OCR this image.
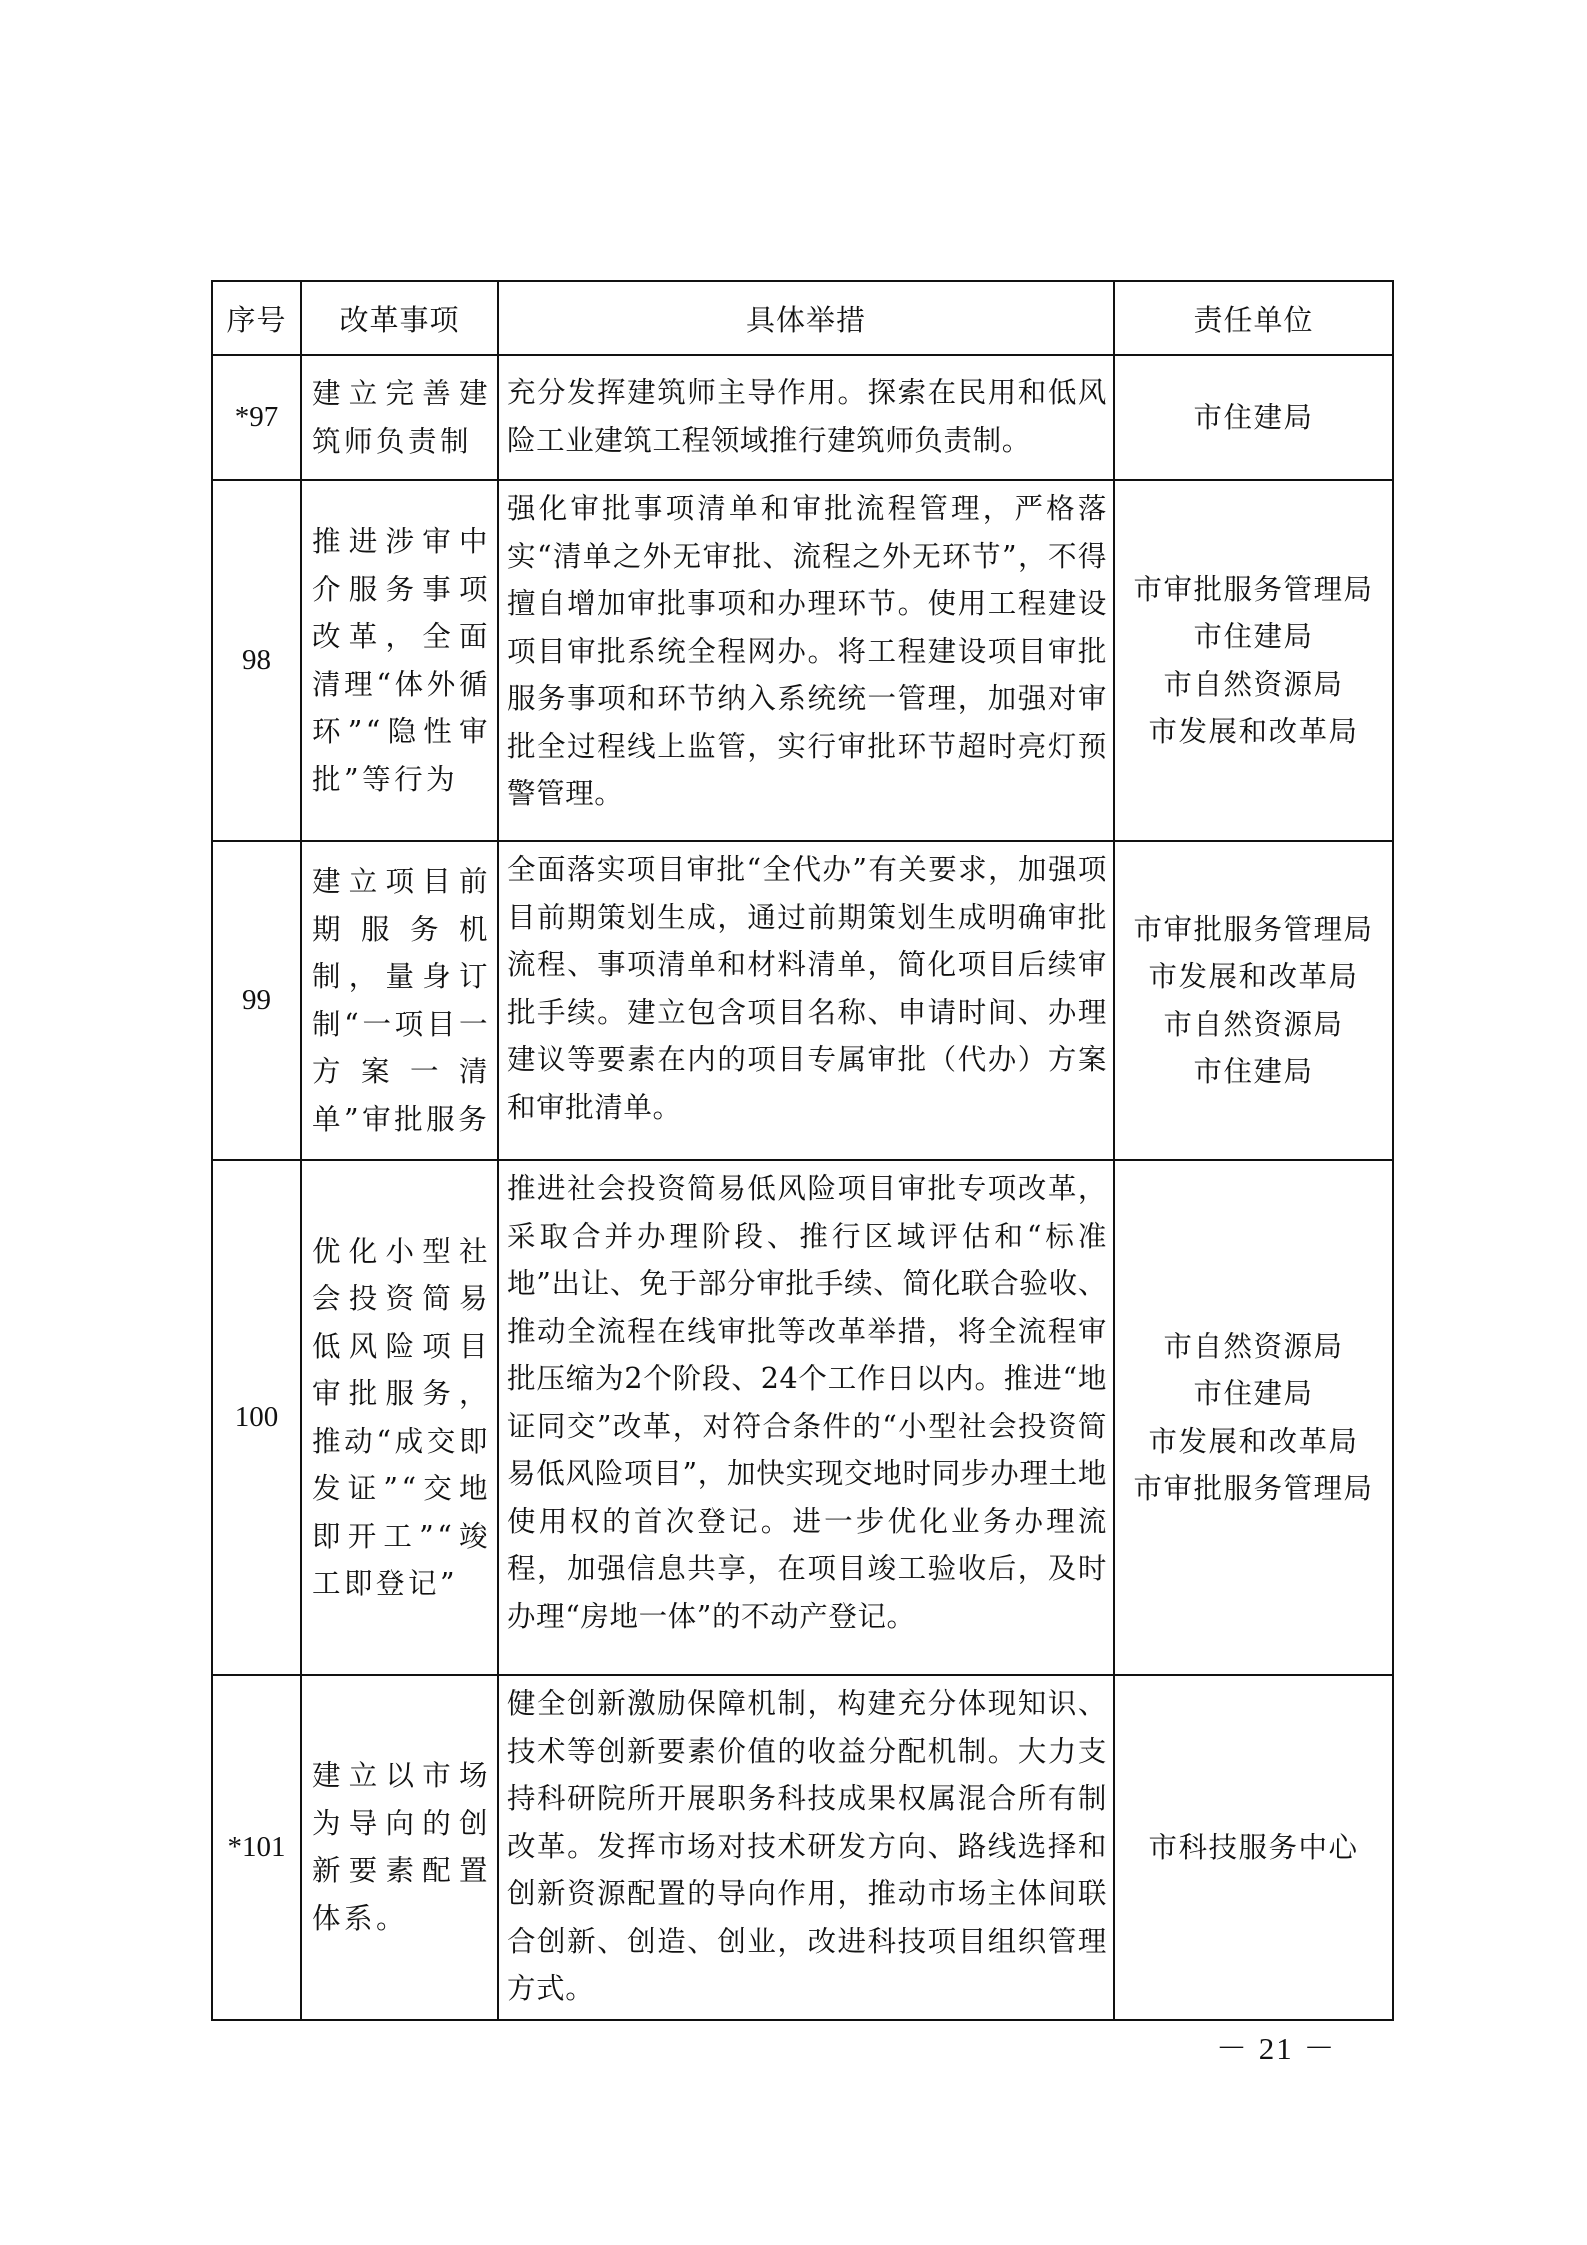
序号	改革事项	具体举措	责任单位
*97	建立完善建筑师负责制	充分发挥建筑师主导作用。探索在民用和低风险工业建筑工程领域推行建筑师负责制。	市住建局

98	推进涉审中介服务事项改革，全面清理“体外循环”“隐性审批”等行为	强化审批事项清单和审批流程管理，严格落实“清单之外无审批、流程之外无环节”，不得擅自增加审批事项和办理环节。使用工程建设项目审批系统全程网办。将工程建设项目审批服务事项和环节纳入系统统一管理，加强对审批全过程线上监管，实行审批环节超时亮灯预警管理。	市审批服务管理局
市住建局
市自然资源局
市发展和改革局

99	建立项目前期服务机制，量身订制“一项目一方案一清单”审批服务	全面落实项目审批“全代办”有关要求，加强项目前期策划生成，通过前期策划生成明确审批流程、事项清单和材料清单，简化项目后续审批手续。建立包含项目名称、申请时间、办理建议等要素在内的项目专属审批（代办）方案和审批清单。	市审批服务管理局
市发展和改革局
市自然资源局
市住建局

100	优化小型社会投资简易低风险项目审批服务，推动“成交即发证”“交地即开工”“竣工即登记”	推进社会投资简易低风险项目审批专项改革，采取合并办理阶段、推行区域评估和“标准地”出让、免于部分审批手续、简化联合验收、推动全流程在线审批等改革举措，将全流程审批压缩为2个阶段、24个工作日以内。推进“地证同交”改革，对符合条件的“小型社会投资简易低风险项目”，加快实现交地时同步办理土地使用权的首次登记。进一步优化业务办理流程，加强信息共享，在项目竣工验收后，及时办理“房地一体”的不动产登记。	市自然资源局
市住建局
市发展和改革局
市审批服务管理局

*101	建立以市场为导向的创新要素配置体系。	健全创新激励保障机制，构建充分体现知识、技术等创新要素价值的收益分配机制。大力支持科研院所开展职务科技成果权属混合所有制改革。发挥市场对技术研发方向、路线选择和创新资源配置的导向作用，推动市场主体间联合创新、创造、创业，改进科技项目组织管理方式。	市科技服务中心
－ 21 －
